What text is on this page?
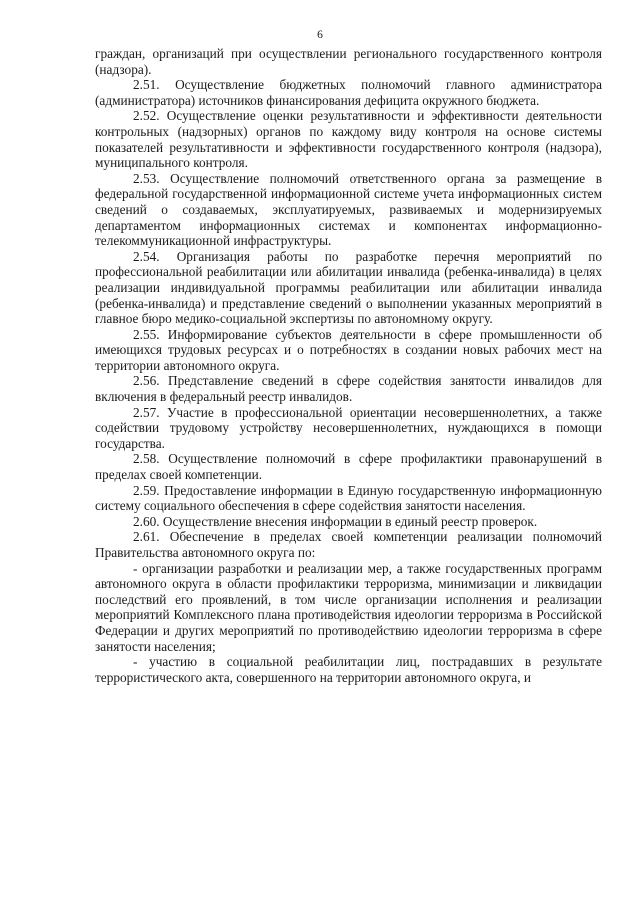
6

граждан, организаций при осуществлении регионального государственного контроля (надзора).

2.51. Осуществление бюджетных полномочий главного администратора (администратора) источников финансирования дефицита окружного бюджета.

2.52. Осуществление оценки результативности и эффективности деятельности контрольных (надзорных) органов по каждому виду контроля на основе системы показателей результативности и эффективности государственного контроля (надзора), муниципального контроля.

2.53. Осуществление полномочий ответственного органа за размещение в федеральной государственной информационной системе учета информационных систем сведений о создаваемых, эксплуатируемых, развиваемых и модернизируемых департаментом информационных системах и компонентах информационно-телекоммуникационной инфраструктуры.

2.54. Организация работы по разработке перечня мероприятий по профессиональной реабилитации или абилитации инвалида (ребенка-инвалида) в целях реализации индивидуальной программы реабилитации или абилитации инвалида (ребенка-инвалида) и представление сведений о выполнении указанных мероприятий в главное бюро медико-социальной экспертизы по автономному округу.

2.55. Информирование субъектов деятельности в сфере промышленности об имеющихся трудовых ресурсах и о потребностях в создании новых рабочих мест на территории автономного округа.

2.56. Представление сведений в сфере содействия занятости инвалидов для включения в федеральный реестр инвалидов.

2.57. Участие в профессиональной ориентации несовершеннолетних, а также содействии трудовому устройству несовершеннолетних, нуждающихся в помощи государства.

2.58. Осуществление полномочий в сфере профилактики правонарушений в пределах своей компетенции.

2.59. Предоставление информации в Единую государственную информационную систему социального обеспечения в сфере содействия занятости населения.

2.60. Осуществление внесения информации в единый реестр проверок.

2.61. Обеспечение в пределах своей компетенции реализации полномочий Правительства автономного округа по:

- организации разработки и реализации мер, а также государственных программ автономного округа в области профилактики терроризма, минимизации и ликвидации последствий его проявлений, в том числе организации исполнения и реализации мероприятий Комплексного плана противодействия идеологии терроризма в Российской Федерации и других мероприятий по противодействию идеологии терроризма в сфере занятости населения;

- участию в социальной реабилитации лиц, пострадавших в результате террористического акта, совершенного на территории автономного округа, и
